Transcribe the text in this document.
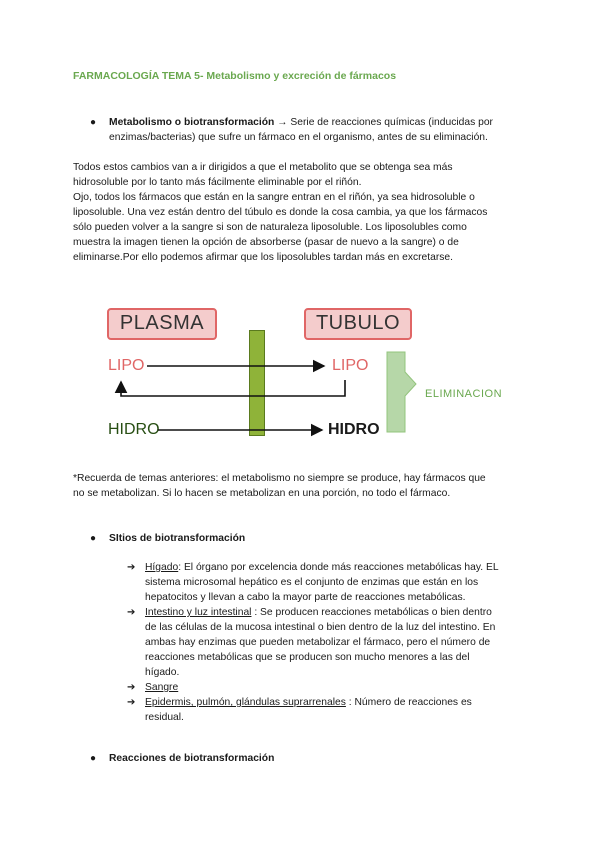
FARMACOLOGÍA TEMA 5- Metabolismo y excreción de fármacos
● Metabolismo o biotransformación → Serie de reacciones químicas (inducidas por
enzimas/bacterias) que sufre un fármaco en el organismo, antes de su eliminación.
Todos estos cambios van a ir dirigidos a que el metabolito que se obtenga sea más
hidrosoluble por lo tanto más fácilmente eliminable por el riñón.
Ojo, todos los fármacos que están en la sangre entran en el riñón, ya sea hidrosoluble o
liposoluble. Una vez están dentro del túbulo es donde la cosa cambia, ya que los fármacos
sólo pueden volver a la sangre si son de naturaleza liposoluble. Los liposolubles como
muestra la imagen tienen la opción de absorberse (pasar de nuevo a la sangre) o de
eliminarse.Por ello podemos afirmar que los liposolubles tardan más en excretarse.
PLASMA	TUBULO
LIPO	LIPO
HIDRO	HIDRO
ELIMINACION
*Recuerda de temas anteriores: el metabolismo no siempre se produce, hay fármacos que
no se metabolizan. Si lo hacen se metabolizan en una porción, no todo el fármaco.
● SItios de biotransformación
➔ Hígado: El órgano por excelencia donde más reacciones metabólicas hay. EL
sistema microsomal hepático es el conjunto de enzimas que están en los
hepatocitos y llevan a cabo la mayor parte de reacciones metabólicas.
➔ Intestino y luz intestinal : Se producen reacciones metabólicas o bien dentro
de las células de la mucosa intestinal o bien dentro de la luz del intestino. En
ambas hay enzimas que pueden metabolizar el fármaco, pero el número de
reacciones metabólicas que se producen son mucho menores a las del
hígado.
➔ Sangre
➔ Epidermis, pulmón, glándulas suprarrenales : Número de reacciones es
residual.
● Reacciones de biotransformación
